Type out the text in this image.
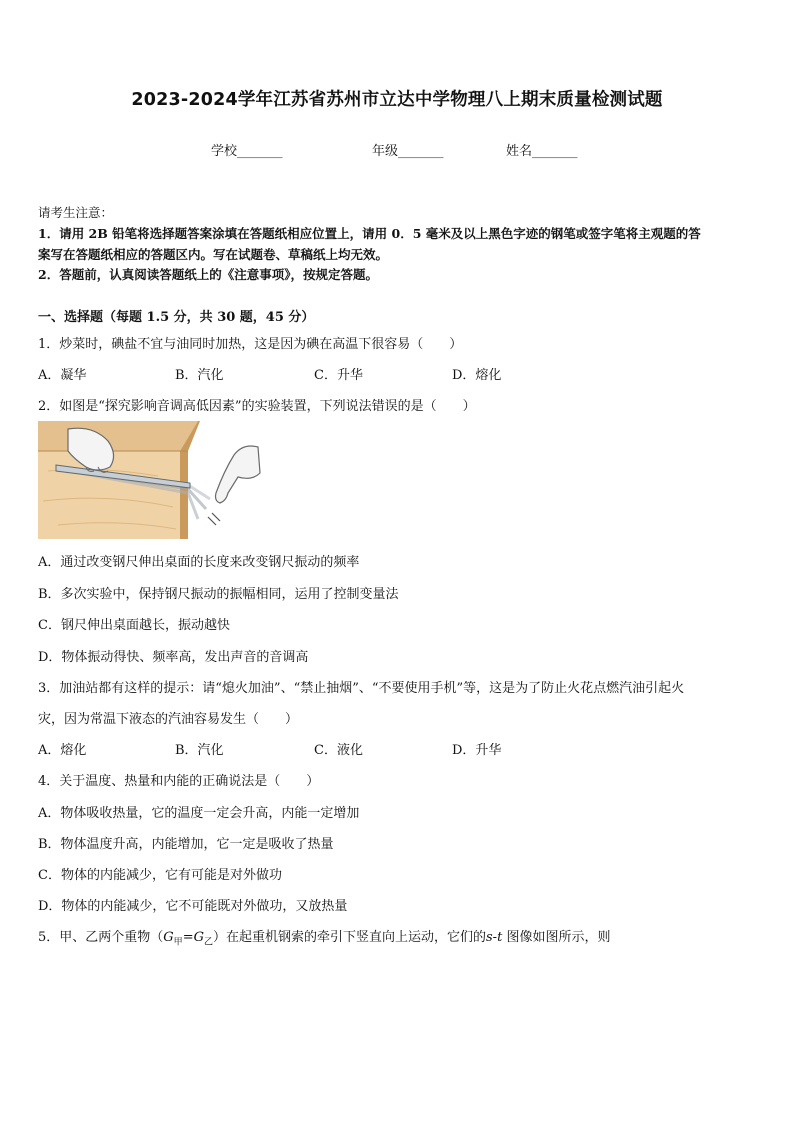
2023-2024学年江苏省苏州市立达中学物理八上期末质量检测试题
学校_______	年级_______	姓名_______
请考生注意：
1．请用 2B 铅笔将选择题答案涂填在答题纸相应位置上，请用 0．5 毫米及以上黑色字迹的钢笔或签字笔将主观题的答
案写在答题纸相应的答题区内。写在试题卷、草稿纸上均无效。
2．答题前，认真阅读答题纸上的《注意事项》，按规定答题。
一、选择题（每题 1.5 分，共 30 题，45 分）
1．炒菜时，碘盐不宜与油同时加热，这是因为碘在高温下很容易（　　）
A．凝华	B．汽化	C．升华	D．熔化
2．如图是“探究影响音调高低因素”的实验装置，下列说法错误的是（　　）
A．通过改变钢尺伸出桌面的长度来改变钢尺振动的频率
B．多次实验中，保持钢尺振动的振幅相同，运用了控制变量法
C．钢尺伸出桌面越长，振动越快
D．物体振动得快、频率高，发出声音的音调高
3．加油站都有这样的提示：请“熄火加油”、“禁止抽烟”、“不要使用手机”等，这是为了防止火花点燃汽油引起火
灾，因为常温下液态的汽油容易发生（　　）
A．熔化	B．汽化	C．液化	D．升华
4．关于温度、热量和内能的正确说法是（　　）
A．物体吸收热量，它的温度一定会升高，内能一定增加
B．物体温度升高，内能增加，它一定是吸收了热量
C．物体的内能减少，它有可能是对外做功
D．物体的内能减少，它不可能既对外做功，又放热量
5．甲、乙两个重物$(G_甲=G_乙)$在起重机钢索的牵引下竖直向上运动，它们的s-t 图像如图所示，则
